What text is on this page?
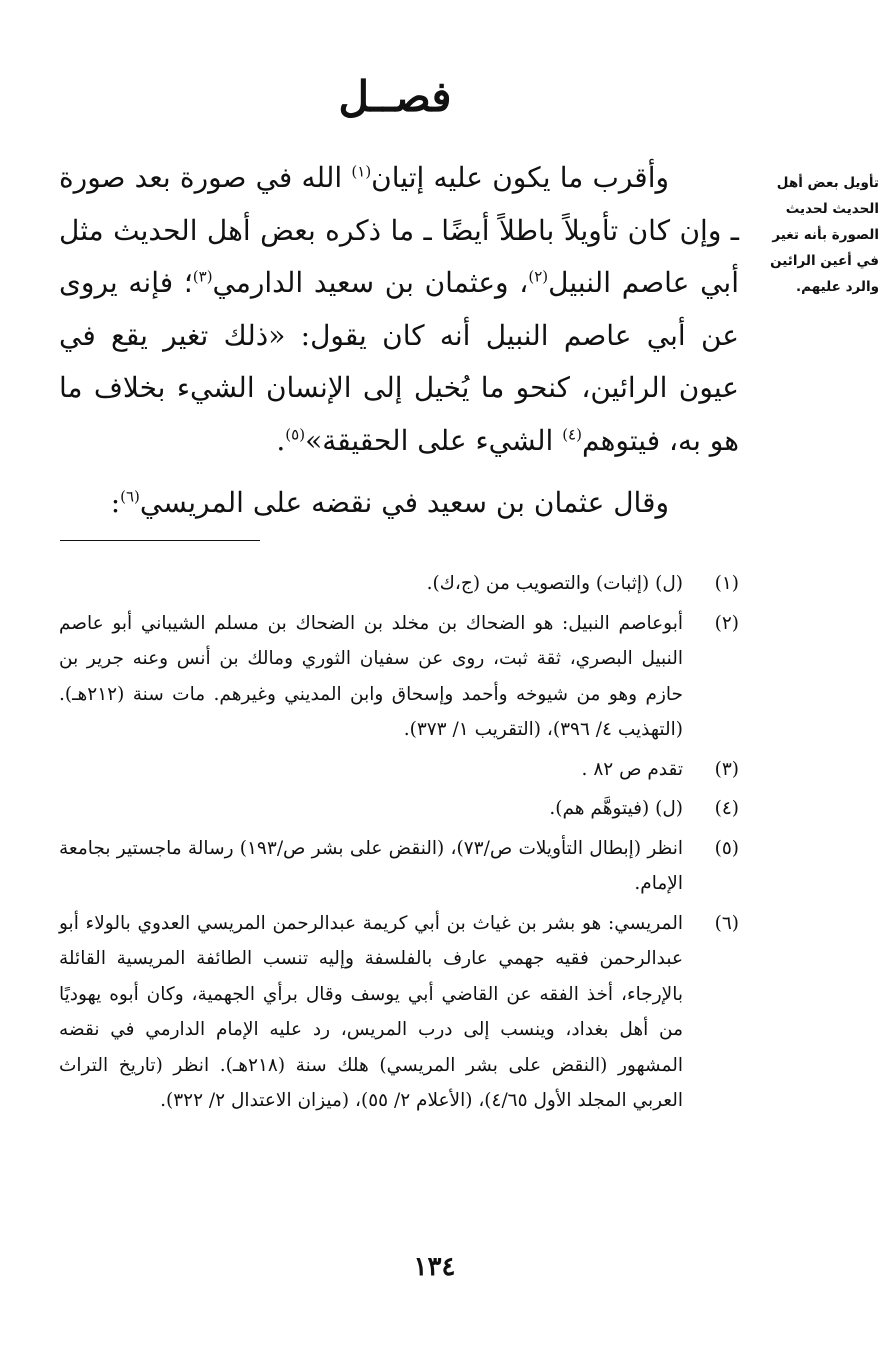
فصــل
تأويل بعض أهل الحديث لحديث الصورة بأنه تغير في أعين الرائين والرد عليهم.

وأقرب ما يكون عليه إتيان$^{(١)}$ الله في صورة بعد صورة ـ وإن كان تأويلاً باطلاً أيضًا ـ ما ذكره بعض أهل الحديث مثل أبي عاصم النبيل$^{(٢)}$، وعثمان بن سعيد الدارمي$^{(٣)}$؛ فإنه يروى عن أبي عاصم النبيل أنه كان يقول: «ذلك تغير يقع في عيون الرائين، كنحو ما يُخيل إلى الإنسان الشيء بخلاف ما هو به، فيتوهم$^{(٤)}$ الشيء على الحقيقة»$^{(٥)}$.

وقال عثمان بن سعيد في نقضه على المريسي$^{(٦)}$:

(١)
(ل) (إثبات) والتصويب من (ج،ك).
(٢)
أبوعاصم النبيل: هو الضحاك بن مخلد بن الضحاك بن مسلم الشيباني أبو عاصم النبيل البصري، ثقة ثبت، روى عن سفيان الثوري ومالك بن أنس وعنه جرير بن حازم وهو من شيوخه وأحمد وإسحاق وابن المديني وغيرهم. مات سنة (٢١٢هـ). (التهذيب ٤/ ٣٩٦)، (التقريب ١/ ٣٧٣).
(٣)
تقدم ص ٨٢ .
(٤)
(ل) (فيتوهَّم هم).
(٥)
انظر (إبطال التأويلات ص/٧٣)، (النقض على بشر ص/١٩٣) رسالة ماجستير بجامعة الإمام.
(٦)
المريسي: هو بشر بن غياث بن أبي كريمة عبدالرحمن المريسي العدوي بالولاء أبو عبدالرحمن فقيه جهمي عارف بالفلسفة وإليه تنسب الطائفة المريسية القائلة بالإرجاء، أخذ الفقه عن القاضي أبي يوسف وقال برأي الجهمية، وكان أبوه يهوديًا من أهل بغداد، وينسب إلى درب المريس، رد عليه الإمام الدارمي في نقضه المشهور (النقض على بشر المريسي) هلك سنة (٢١٨هـ). انظر (تاريخ التراث العربي المجلد الأول ٤/٦٥)، (الأعلام ٢/ ٥٥)، (ميزان الاعتدال ٢/ ٣٢٢).
١٣٤
